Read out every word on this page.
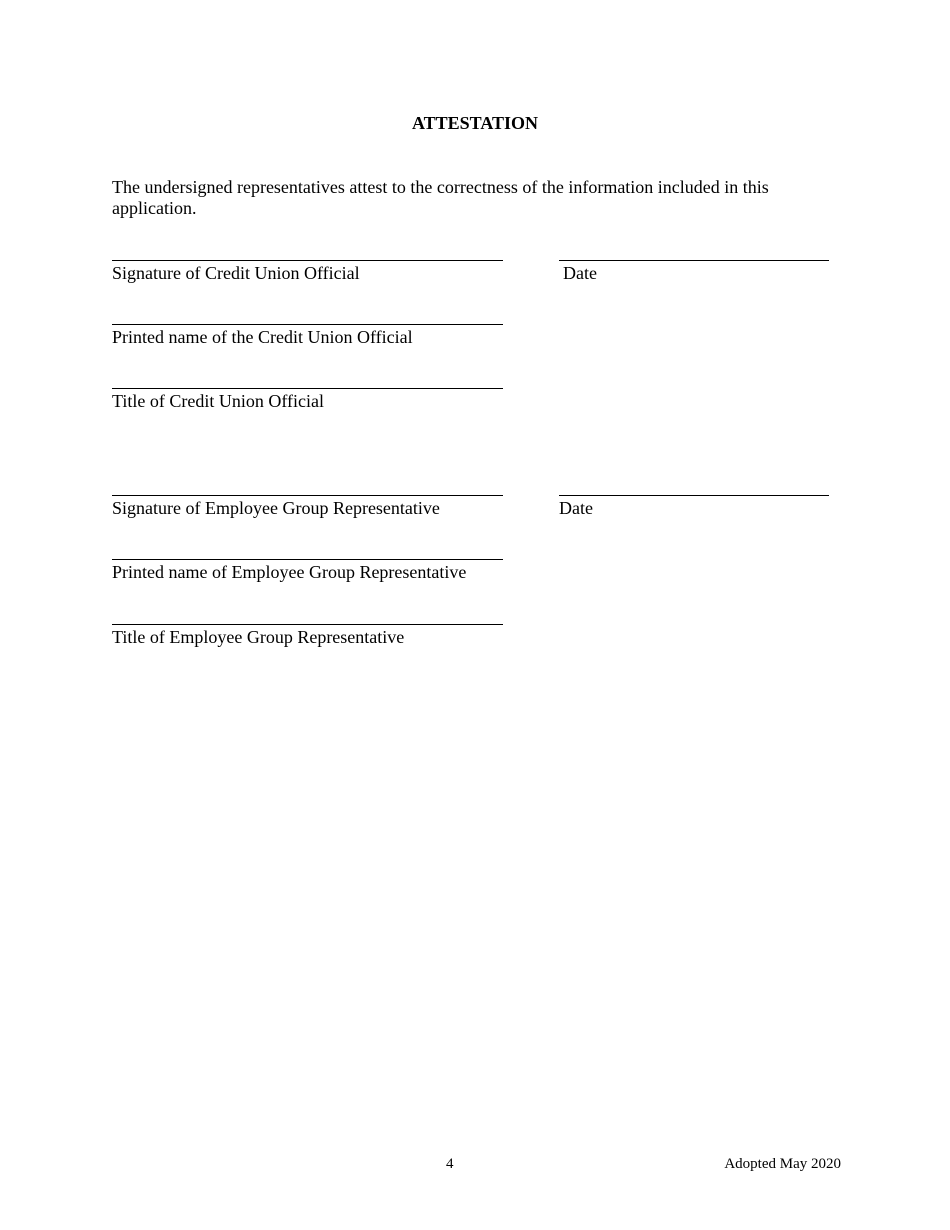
ATTESTATION
The undersigned representatives attest to the correctness of the information included in this application.
Signature of Credit Union Official	Date
Printed name of the Credit Union Official
Title of Credit Union Official
Signature of Employee Group Representative	Date
Printed name of Employee Group Representative
Title of Employee Group Representative
4	Adopted May 2020
